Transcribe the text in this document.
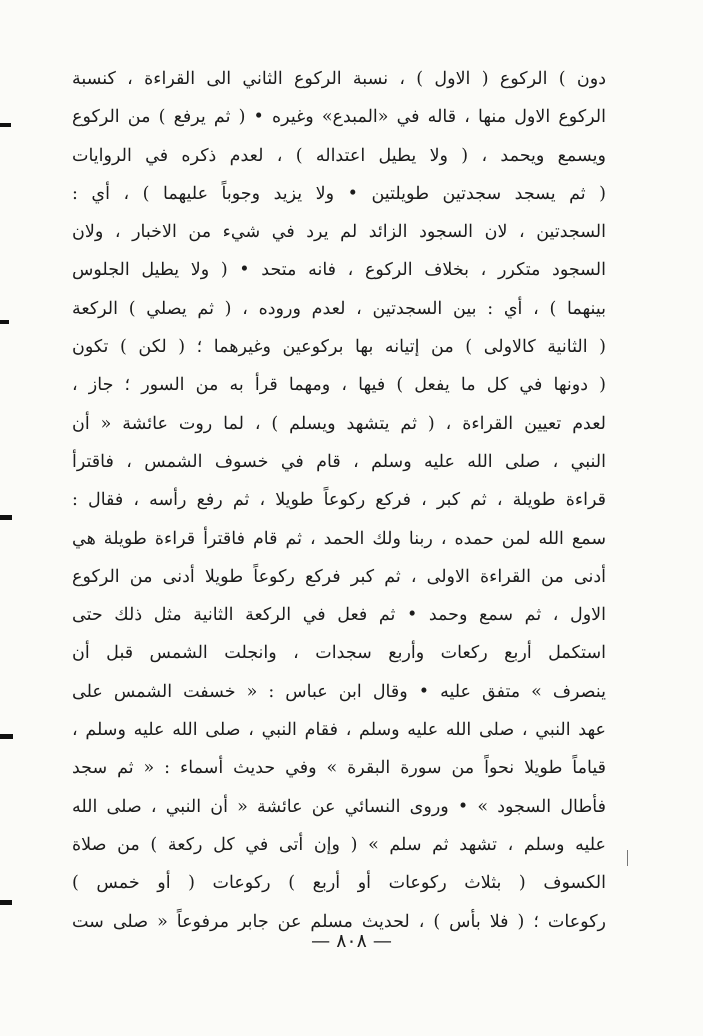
دون ) الركوع ( الاول ) ، نسبة الركوع الثاني الى القراءة ، كنسبة
الركوع الاول منها ، قاله في «المبدع» وغيره • ( ثم يرفع ) من الركوع
ويسمع ويحمد ، ( ولا يطيل اعتداله ) ، لعدم ذكره في الروايات
( ثم يسجد سجدتين طويلتين • ولا يزيد وجوباً عليهما ) ، أي :
السجدتين ، لان السجود الزائد لم يرد في شيء من الاخبار ، ولان
السجود متكرر ، بخلاف الركوع ، فانه متحد • ( ولا يطيل الجلوس
بينهما ) ، أي : بين السجدتين ، لعدم وروده ، ( ثم يصلي ) الركعة
( الثانية كالاولى ) من إتيانه بها بركوعين وغيرهما ؛ ( لكن ) تكون
( دونها في كل ما يفعل ) فيها ، ومهما قرأ به من السور ؛ جاز ،
لعدم تعيين القراءة ، ( ثم يتشهد ويسلم ) ، لما روت عائشة « أن
النبي ، صلى الله عليه وسلم ، قام في خسوف الشمس ، فاقترأ
قراءة طويلة ، ثم كبر ، فركع ركوعاً طويلا ، ثم رفع رأسه ، فقال :
سمع الله لمن حمده ، ربنا ولك الحمد ، ثم قام فاقترأ قراءة طويلة هي
أدنى من القراءة الاولى ، ثم كبر فركع ركوعاً طويلا أدنى من الركوع
الاول ، ثم سمع وحمد • ثم فعل في الركعة الثانية مثل ذلك حتى
استكمل أربع ركعات وأربع سجدات ، وانجلت الشمس قبل أن
ينصرف » متفق عليه • وقال ابن عباس : « خسفت الشمس على
عهد النبي ، صلى الله عليه وسلم ، فقام النبي ، صلى الله عليه وسلم ،
قياماً طويلا نحواً من سورة البقرة » وفي حديث أسماء : « ثم سجد
فأطال السجود » • وروى النسائي عن عائشة « أن النبي ، صلى الله
عليه وسلم ، تشهد ثم سلم » ( وإن أتى في كل ركعة ) من صلاة
الكسوف ( بثلاث ركوعات أو أربع ) ركوعات ( أو خمس )
ركوعات ؛ ( فلا بأس ) ، لحديث مسلم عن جابر مرفوعاً « صلى ست
— ٨٠٨ —
